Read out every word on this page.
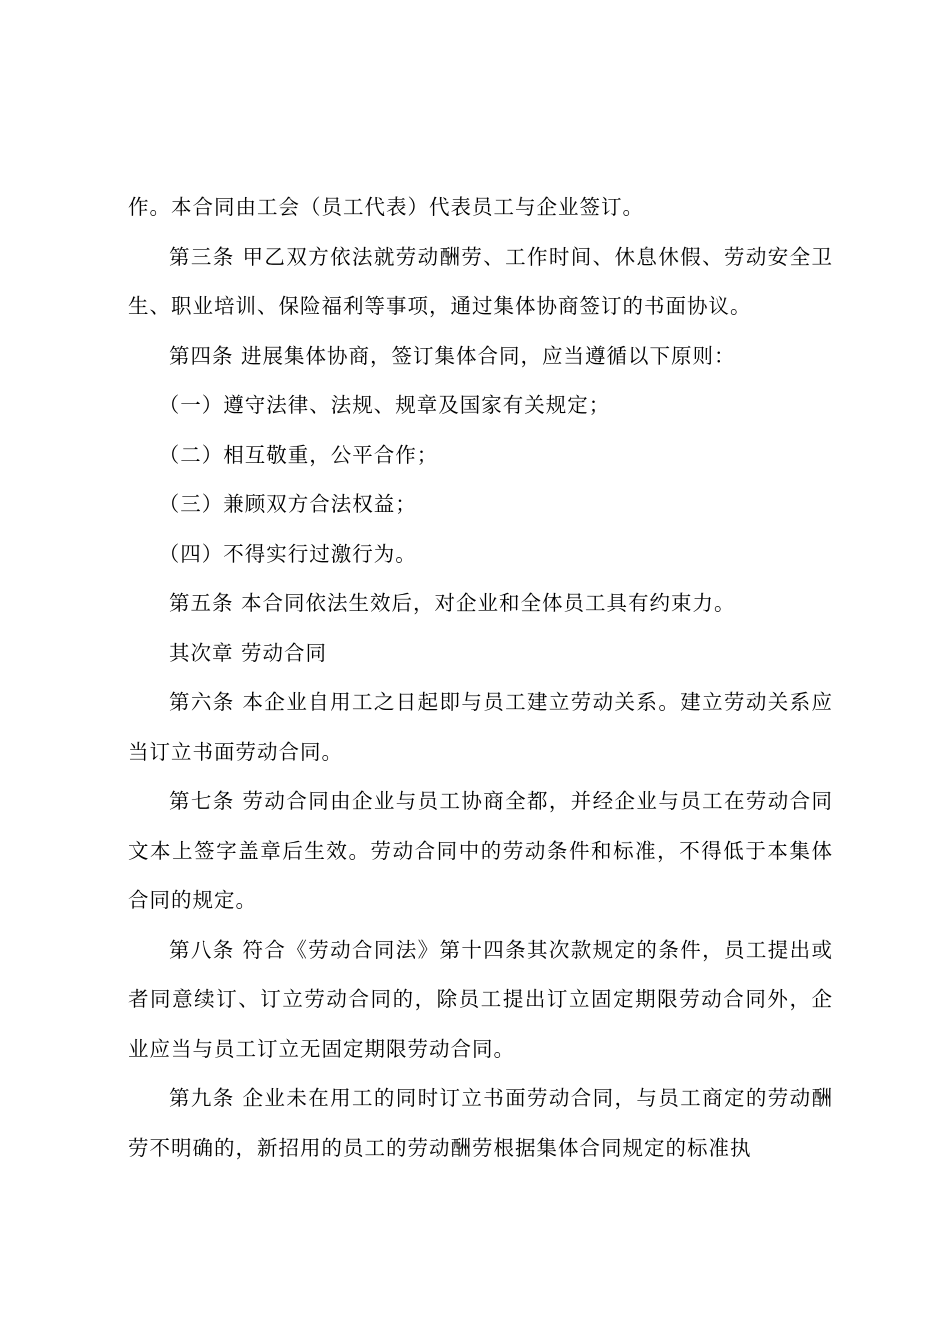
作。本合同由工会（员工代表）代表员工与企业签订。

第三条 甲乙双方依法就劳动酬劳、工作时间、休息休假、劳动安全卫生、职业培训、保险福利等事项，通过集体协商签订的书面协议。

第四条 进展集体协商，签订集体合同，应当遵循以下原则：

（一）遵守法律、法规、规章及国家有关规定；

（二）相互敬重，公平合作；

（三）兼顾双方合法权益；

（四）不得实行过激行为。

第五条 本合同依法生效后，对企业和全体员工具有约束力。

其次章 劳动合同

第六条 本企业自用工之日起即与员工建立劳动关系。建立劳动关系应当订立书面劳动合同。

第七条 劳动合同由企业与员工协商全都，并经企业与员工在劳动合同文本上签字盖章后生效。劳动合同中的劳动条件和标准，不得低于本集体合同的规定。

第八条 符合《劳动合同法》第十四条其次款规定的条件，员工提出或者同意续订、订立劳动合同的，除员工提出订立固定期限劳动合同外，企业应当与员工订立无固定期限劳动合同。

第九条 企业未在用工的同时订立书面劳动合同，与员工商定的劳动酬劳不明确的，新招用的员工的劳动酬劳根据集体合同规定的标准执
